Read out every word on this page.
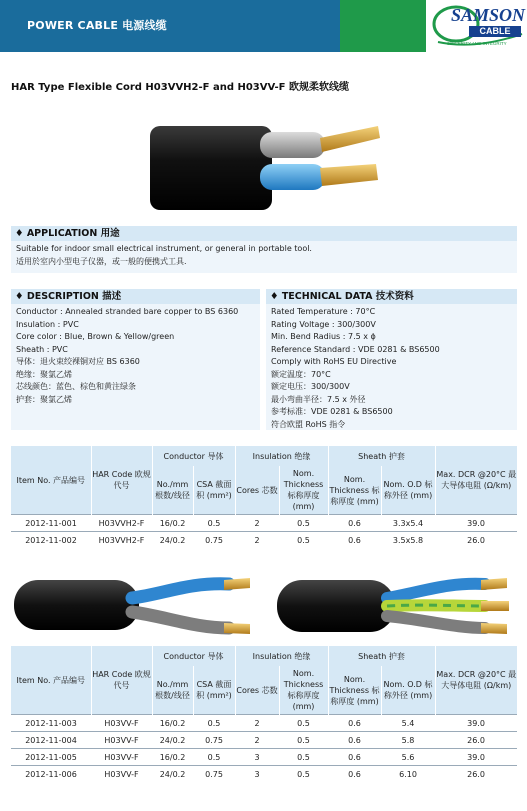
POWER CABLE 电源线缆
SAMSON
CABLE
SINCERITY AND INTEGRITY
HAR Type Flexible Cord H03VVH2-F and H03VV-F 欧规柔软线缆
♦ APPLICATION 用途
Suitable for indoor small electrical instrument, or general in portable tool.
适用於室内小型电子仪器，或一般的便携式工具.
♦ DESCRIPTION 描述
Conductor : Annealed stranded bare copper to BS 6360
Insulation : PVC
Core color : Blue, Brown & Yellow/green
Sheath : PVC
导体：退火束绞裸铜对应 BS 6360
绝缘：聚氯乙烯
芯线颜色：蓝色、棕色和黄注绿条
护套：聚氯乙烯
♦ TECHNICAL DATA 技术资料
Rated Temperature : 70°C
Rating Voltage : 300/300V
Min. Bend Radius : 7.5 x ϕ
Reference Standard : VDE 0281 & BS6500
Comply with RoHS EU Directive
额定温度：70°C
额定电压：300/300V
最小弯曲半径：7.5 x 外径
参考标准：VDE 0281 & BS6500
符合欧盟 RoHS 指令
Item No. 产品编号	HAR Code 欧规代号	Conductor 导体		Insulation 绝缘		Sheath 护套		Max. DCR @20°C 最大导体电阻 (Ω/km)
		No./mm 根数/线径	CSA 截面积 (mm²)	Cores 芯数	Nom. Thickness 标称厚度 (mm)	Nom. Thickness 标称厚度 (mm)	Nom. O.D 标称外径 (mm)	
2012-11-001	H03VVH2-F	16/0.2	0.5	2	0.5	0.6	3.3x5.4	39.0
2012-11-002	H03VVH2-F	24/0.2	0.75	2	0.5	0.6	3.5x5.8	26.0
Item No. 产品编号	HAR Code 欧规代号	Conductor 导体		Insulation 绝缘		Sheath 护套		Max. DCR @20°C 最大导体电阻 (Ω/km)
		No./mm 根数/线径	CSA 截面积 (mm²)	Cores 芯数	Nom. Thickness 标称厚度 (mm)	Nom. Thickness 标称厚度 (mm)	Nom. O.D 标称外径 (mm)	
2012-11-003	H03VV-F	16/0.2	0.5	2	0.5	0.6	5.4	39.0
2012-11-004	H03VV-F	24/0.2	0.75	2	0.5	0.6	5.8	26.0
2012-11-005	H03VV-F	16/0.2	0.5	3	0.5	0.6	5.6	39.0
2012-11-006	H03VV-F	24/0.2	0.75	3	0.5	0.6	6.10	26.0
